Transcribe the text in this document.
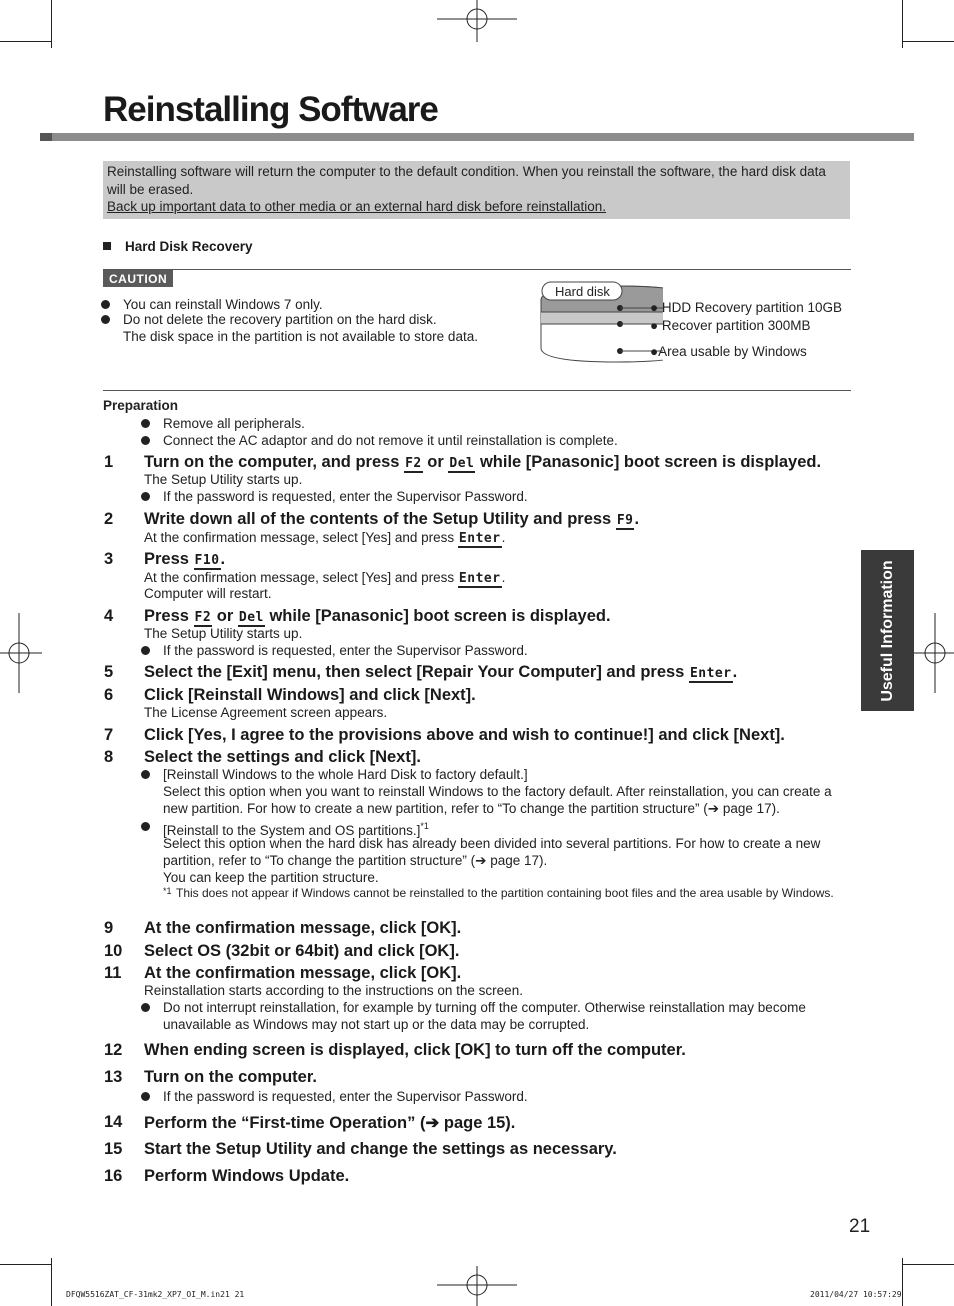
Reinstalling Software
Reinstalling software will return the computer to the default condition. When you reinstall the software, the hard disk data will be erased.
Back up important data to other media or an external hard disk before reinstallation.
Hard Disk Recovery
CAUTION
You can reinstall Windows 7 only.
Do not delete the recovery partition on the hard disk.
The disk space in the partition is not available to store data.
Hard disk
● HDD Recovery partition 10GB
● Recover partition 300MB
●Area usable by Windows
Preparation
Remove all peripherals.
Connect the AC adaptor and do not remove it until reinstallation is complete.
1 Turn on the computer, and press F2 or Del while [Panasonic] boot screen is displayed.
The Setup Utility starts up.
If the password is requested, enter the Supervisor Password.
2 Write down all of the contents of the Setup Utility and press F9.
At the confirmation message, select [Yes] and press Enter.
3 Press F10.
At the confirmation message, select [Yes] and press Enter.
Computer will restart.
4 Press F2 or Del while [Panasonic] boot screen is displayed.
The Setup Utility starts up.
If the password is requested, enter the Supervisor Password.
5 Select the [Exit] menu, then select [Repair Your Computer] and press Enter.
6 Click [Reinstall Windows] and click [Next].
The License Agreement screen appears.
7 Click [Yes, I agree to the provisions above and wish to continue!] and click [Next].
8 Select the settings and click [Next].
[Reinstall Windows to the whole Hard Disk to factory default.]
Select this option when you want to reinstall Windows to the factory default. After reinstallation, you can create a new partition. For how to create a new partition, refer to “To change the partition structure” (➔ page 17).
[Reinstall to the System and OS partitions.]$^{*1}$
Select this option when the hard disk has already been divided into several partitions. For how to create a new partition, refer to “To change the partition structure” (➔ page 17).
You can keep the partition structure.
*1 This does not appear if Windows cannot be reinstalled to the partition containing boot files and the area usable by Windows.
9 At the confirmation message, click [OK].
10 Select OS (32bit or 64bit) and click [OK].
11 At the confirmation message, click [OK].
Reinstallation starts according to the instructions on the screen.
Do not interrupt reinstallation, for example by turning off the computer. Otherwise reinstallation may become unavailable as Windows may not start up or the data may be corrupted.
12 When ending screen is displayed, click [OK] to turn off the computer.
13 Turn on the computer.
If the password is requested, enter the Supervisor Password.
14 Perform the “First-time Operation” (➔ page 15).
15 Start the Setup Utility and change the settings as necessary.
16 Perform Windows Update.
Useful Information
21
DFQW5516ZAT_CF-31mk2_XP7_OI_M.in21 21	2011/04/27 10:57:29
